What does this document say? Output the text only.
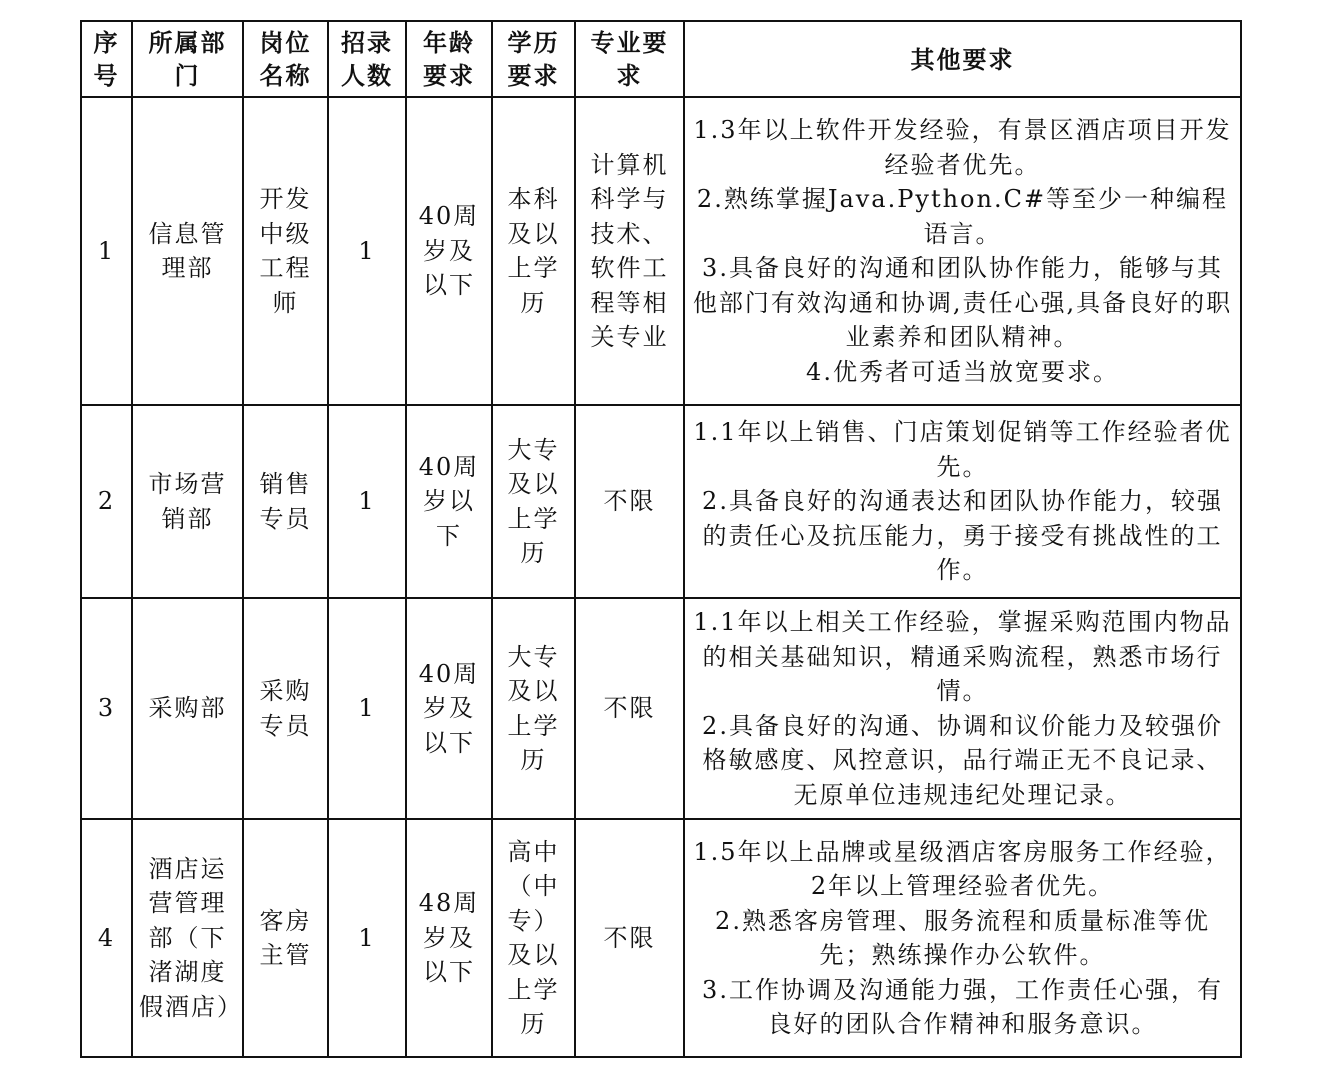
序号	所属部门	岗位名称	招录人数	年龄要求	学历要求	专业要求	其他要求

1	信息管理部	开发中级工程师	1	40周岁及以下	本科及以上学历	计算机科学与技术、软件工程等相关专业	1.3年以上软件开发经验，有景区酒店项目开发经验者优先。
2.熟练掌握Java.Python.C#等至少一种编程语言。
3.具备良好的沟通和团队协作能力，能够与其他部门有效沟通和协调,责任心强,具备良好的职业素养和团队精神。
4.优秀者可适当放宽要求。

2	市场营销部	销售专员	1	40周岁以下	大专及以上学历	不限	1.1年以上销售、门店策划促销等工作经验者优先。
2.具备良好的沟通表达和团队协作能力，较强的责任心及抗压能力，勇于接受有挑战性的工作。

3	采购部	采购专员	1	40周岁及以下	大专及以上学历	不限	1.1年以上相关工作经验，掌握采购范围内物品的相关基础知识，精通采购流程，熟悉市场行情。
2.具备良好的沟通、协调和议价能力及较强价格敏感度、风控意识，品行端正无不良记录、无原单位违规违纪处理记录。

4	酒店运营管理部（下渚湖度假酒店）	客房主管	1	48周岁及以下	高中（中专）及以上学历	不限	1.5年以上品牌或星级酒店客房服务工作经验，2年以上管理经验者优先。
2.熟悉客房管理、服务流程和质量标准等优先；熟练操作办公软件。
3.工作协调及沟通能力强，工作责任心强，有良好的团队合作精神和服务意识。
